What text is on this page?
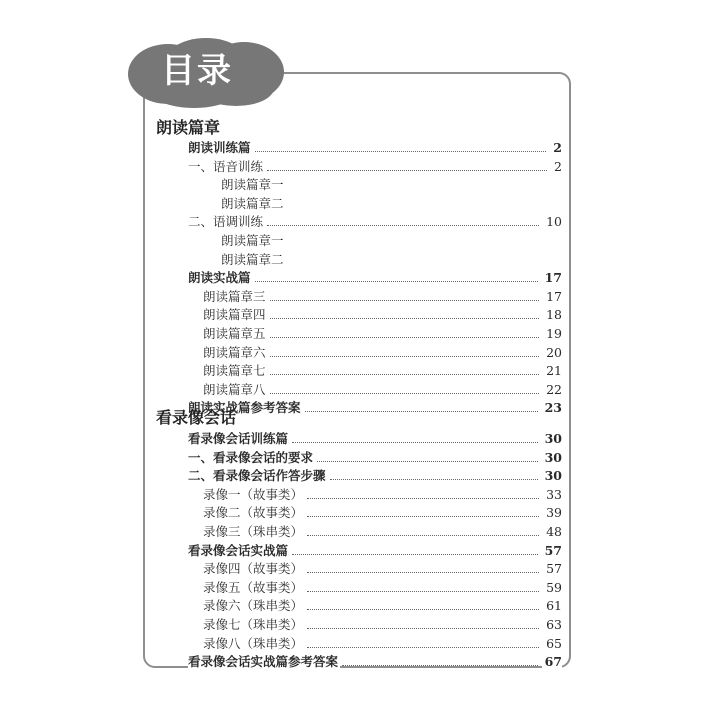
目录
朗读篇章
朗读训练篇	2
一、语音训练	2
朗读篇章一
朗读篇章二
二、语调训练	10
朗读篇章一
朗读篇章二
朗读实战篇	17
朗读篇章三	17
朗读篇章四	18
朗读篇章五	19
朗读篇章六	20
朗读篇章七	21
朗读篇章八	22
朗读实战篇参考答案	23
看录像会话
看录像会话训练篇	30
一、看录像会话的要求	30
二、看录像会话作答步骤	30
录像一（故事类）	33
录像二（故事类）	39
录像三（珠串类）	48
看录像会话实战篇	57
录像四（故事类）	57
录像五（故事类）	59
录像六（珠串类）	61
录像七（珠串类）	63
录像八（珠串类）	65
看录像会话实战篇参考答案	67
